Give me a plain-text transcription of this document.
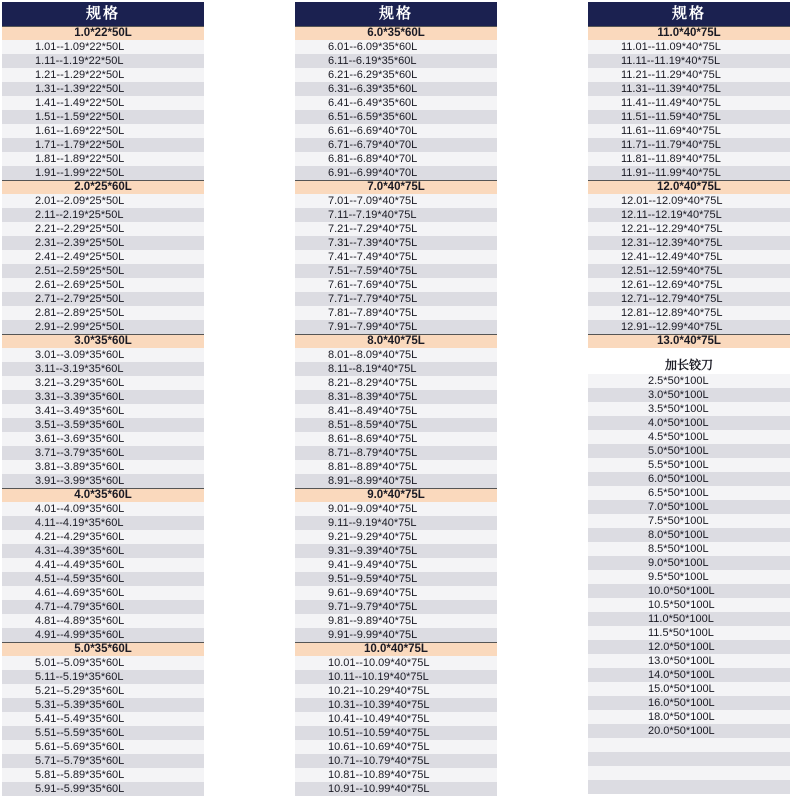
规格
1.0*22*50L
1.01--1.09*22*50L
1.11--1.19*22*50L
1.21--1.29*22*50L
1.31--1.39*22*50L
1.41--1.49*22*50L
1.51--1.59*22*50L
1.61--1.69*22*50L
1.71--1.79*22*50L
1.81--1.89*22*50L
1.91--1.99*22*50L
2.0*25*60L
2.01--2.09*25*50L
2.11--2.19*25*50L
2.21--2.29*25*50L
2.31--2.39*25*50L
2.41--2.49*25*50L
2.51--2.59*25*50L
2.61--2.69*25*50L
2.71--2.79*25*50L
2.81--2.89*25*50L
2.91--2.99*25*50L
3.0*35*60L
3.01--3.09*35*60L
3.11--3.19*35*60L
3.21--3.29*35*60L
3.31--3.39*35*60L
3.41--3.49*35*60L
3.51--3.59*35*60L
3.61--3.69*35*60L
3.71--3.79*35*60L
3.81--3.89*35*60L
3.91--3.99*35*60L
4.0*35*60L
4.01--4.09*35*60L
4.11--4.19*35*60L
4.21--4.29*35*60L
4.31--4.39*35*60L
4.41--4.49*35*60L
4.51--4.59*35*60L
4.61--4.69*35*60L
4.71--4.79*35*60L
4.81--4.89*35*60L
4.91--4.99*35*60L
5.0*35*60L
5.01--5.09*35*60L
5.11--5.19*35*60L
5.21--5.29*35*60L
5.31--5.39*35*60L
5.41--5.49*35*60L
5.51--5.59*35*60L
5.61--5.69*35*60L
5.71--5.79*35*60L
5.81--5.89*35*60L
5.91--5.99*35*60L
规格
6.0*35*60L
6.01--6.09*35*60L
6.11--6.19*35*60L
6.21--6.29*35*60L
6.31--6.39*35*60L
6.41--6.49*35*60L
6.51--6.59*35*60L
6.61--6.69*40*70L
6.71--6.79*40*70L
6.81--6.89*40*70L
6.91--6.99*40*70L
7.0*40*75L
7.01--7.09*40*75L
7.11--7.19*40*75L
7.21--7.29*40*75L
7.31--7.39*40*75L
7.41--7.49*40*75L
7.51--7.59*40*75L
7.61--7.69*40*75L
7.71--7.79*40*75L
7.81--7.89*40*75L
7.91--7.99*40*75L
8.0*40*75L
8.01--8.09*40*75L
8.11--8.19*40*75L
8.21--8.29*40*75L
8.31--8.39*40*75L
8.41--8.49*40*75L
8.51--8.59*40*75L
8.61--8.69*40*75L
8.71--8.79*40*75L
8.81--8.89*40*75L
8.91--8.99*40*75L
9.0*40*75L
9.01--9.09*40*75L
9.11--9.19*40*75L
9.21--9.29*40*75L
9.31--9.39*40*75L
9.41--9.49*40*75L
9.51--9.59*40*75L
9.61--9.69*40*75L
9.71--9.79*40*75L
9.81--9.89*40*75L
9.91--9.99*40*75L
10.0*40*75L
10.01--10.09*40*75L
10.11--10.19*40*75L
10.21--10.29*40*75L
10.31--10.39*40*75L
10.41--10.49*40*75L
10.51--10.59*40*75L
10.61--10.69*40*75L
10.71--10.79*40*75L
10.81--10.89*40*75L
10.91--10.99*40*75L
规格
11.0*40*75L
11.01--11.09*40*75L
11.11--11.19*40*75L
11.21--11.29*40*75L
11.31--11.39*40*75L
11.41--11.49*40*75L
11.51--11.59*40*75L
11.61--11.69*40*75L
11.71--11.79*40*75L
11.81--11.89*40*75L
11.91--11.99*40*75L
12.0*40*75L
12.01--12.09*40*75L
12.11--12.19*40*75L
12.21--12.29*40*75L
12.31--12.39*40*75L
12.41--12.49*40*75L
12.51--12.59*40*75L
12.61--12.69*40*75L
12.71--12.79*40*75L
12.81--12.89*40*75L
12.91--12.99*40*75L
13.0*40*75L
加长铰刀
2.5*50*100L
3.0*50*100L
3.5*50*100L
4.0*50*100L
4.5*50*100L
5.0*50*100L
5.5*50*100L
6.0*50*100L
6.5*50*100L
7.0*50*100L
7.5*50*100L
8.0*50*100L
8.5*50*100L
9.0*50*100L
9.5*50*100L
10.0*50*100L
10.5*50*100L
11.0*50*100L
11.5*50*100L
12.0*50*100L
13.0*50*100L
14.0*50*100L
15.0*50*100L
16.0*50*100L
18.0*50*100L
20.0*50*100L
